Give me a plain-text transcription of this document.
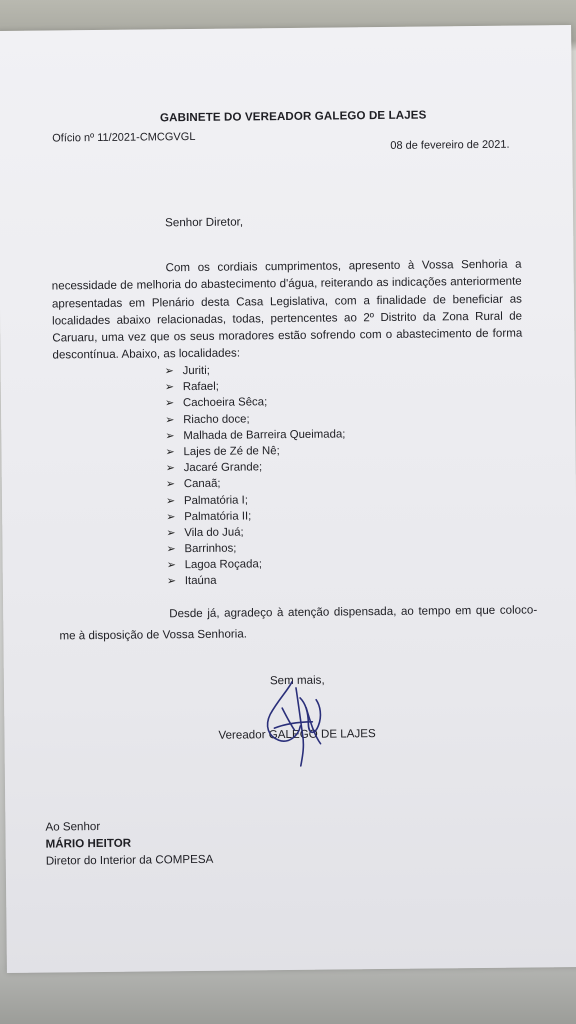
GABINETE DO VEREADOR GALEGO DE LAJES
Ofício nº 11/2021-CMCGVGL
08 de fevereiro de 2021.
Senhor Diretor,
Com os cordiais cumprimentos, apresento à Vossa Senhoria a necessidade de melhoria do abastecimento d'água, reiterando as indicações anteriormente apresentadas em Plenário desta Casa Legislativa, com a finalidade de beneficiar as localidades abaixo relacionadas, todas, pertencentes ao 2º Distrito da Zona Rural de Caruaru, uma vez que os seus moradores estão sofrendo com o abastecimento de forma descontínua. Abaixo, as localidades:
➢ Juriti;
➢ Rafael;
➢ Cachoeira Sêca;
➢ Riacho doce;
➢ Malhada de Barreira Queimada;
➢ Lajes de Zé de Nê;
➢ Jacaré Grande;
➢ Canaã;
➢ Palmatória I;
➢ Palmatória II;
➢ Vila do Juá;
➢ Barrinhos;
➢ Lagoa Roçada;
➢ Itaúna
Desde já, agradeço à atenção dispensada, ao tempo em que coloco-me à disposição de Vossa Senhoria.
Sem mais,
Vereador GALEGO DE LAJES
Ao Senhor
MÁRIO HEITOR
Diretor do Interior da COMPESA
